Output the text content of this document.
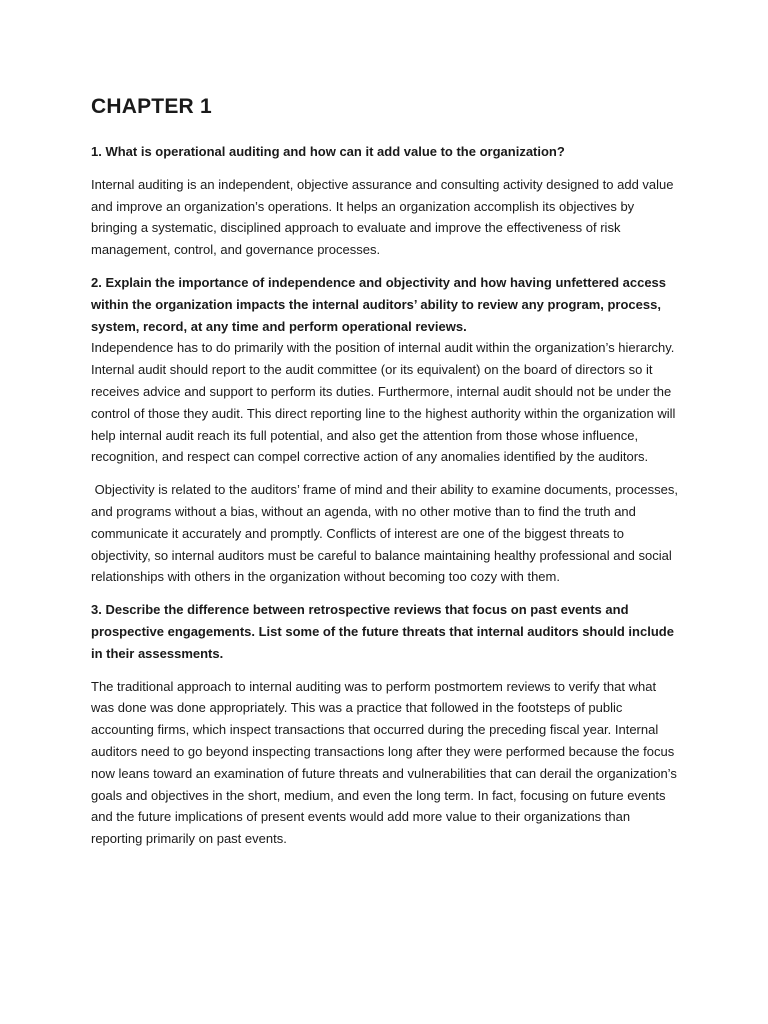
CHAPTER 1

1. What is operational auditing and how can it add value to the organization?

Internal auditing is an independent, objective assurance and consulting activity designed to add value and improve an organization’s operations. It helps an organization accomplish its objectives by bringing a systematic, disciplined approach to evaluate and improve the effectiveness of risk management, control, and governance processes.

2. Explain the importance of independence and objectivity and how having unfettered access within the organization impacts the internal auditors’ ability to review any program, process, system, record, at any time and perform operational reviews.

Independence has to do primarily with the position of internal audit within the organization’s hierarchy. Internal audit should report to the audit committee (or its equivalent) on the board of directors so it receives advice and support to perform its duties. Furthermore, internal audit should not be under the control of those they audit. This direct reporting line to the highest authority within the organization will help internal audit reach its full potential, and also get the attention from those whose influence, recognition, and respect can compel corrective action of any anomalies identified by the auditors.

Objectivity is related to the auditors’ frame of mind and their ability to examine documents, processes, and programs without a bias, without an agenda, with no other motive than to find the truth and communicate it accurately and promptly. Conflicts of interest are one of the biggest threats to objectivity, so internal auditors must be careful to balance maintaining healthy professional and social relationships with others in the organization without becoming too cozy with them.

3. Describe the difference between retrospective reviews that focus on past events and prospective engagements. List some of the future threats that internal auditors should include in their assessments.

The traditional approach to internal auditing was to perform postmortem reviews to verify that what was done was done appropriately. This was a practice that followed in the footsteps of public accounting firms, which inspect transactions that occurred during the preceding fiscal year. Internal auditors need to go beyond inspecting transactions long after they were performed because the focus now leans toward an examination of future threats and vulnerabilities that can derail the organization’s goals and objectives in the short, medium, and even the long term. In fact, focusing on future events and the future implications of present events would add more value to their organizations than reporting primarily on past events.
